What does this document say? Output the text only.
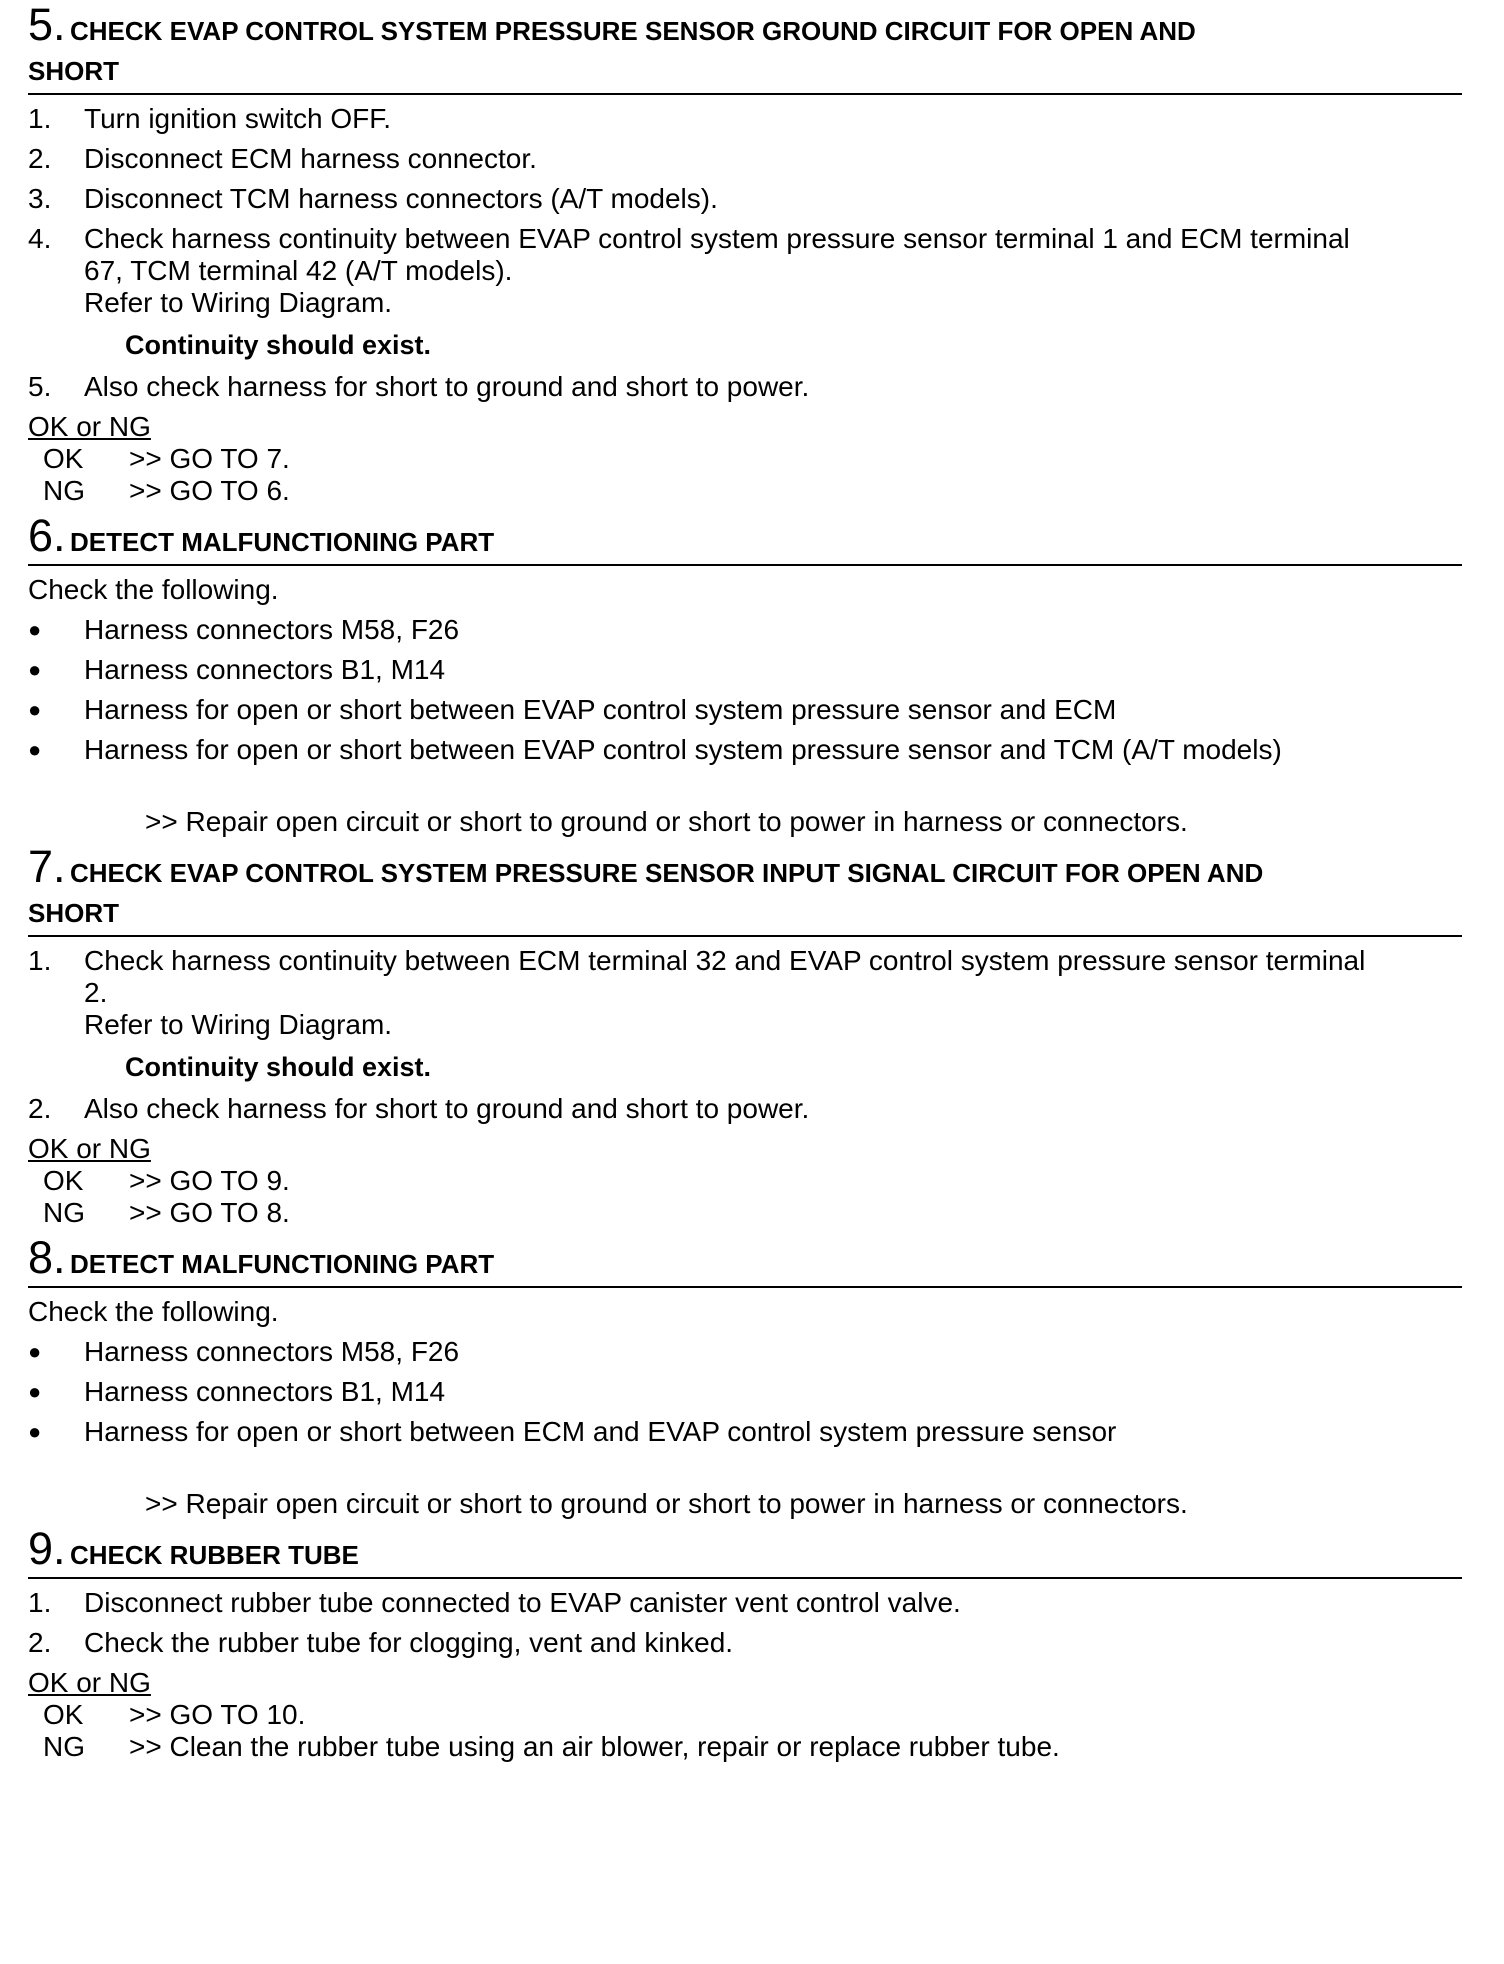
5. CHECK EVAP CONTROL SYSTEM PRESSURE SENSOR GROUND CIRCUIT FOR OPEN AND
SHORT
1.	Turn ignition switch OFF.
2.	Disconnect ECM harness connector.
3.	Disconnect TCM harness connectors (A/T models).
4.	Check harness continuity between EVAP control system pressure sensor terminal 1 and ECM terminal
67, TCM terminal 42 (A/T models).
Refer to Wiring Diagram.
Continuity should exist.
5.	Also check harness for short to ground and short to power.
OK or NG
OK	>> GO TO 7.
NG	>> GO TO 6.
6. DETECT MALFUNCTIONING PART
Check the following.
●	Harness connectors M58, F26
●	Harness connectors B1, M14
●	Harness for open or short between EVAP control system pressure sensor and ECM
●	Harness for open or short between EVAP control system pressure sensor and TCM (A/T models)
>> Repair open circuit or short to ground or short to power in harness or connectors.
7. CHECK EVAP CONTROL SYSTEM PRESSURE SENSOR INPUT SIGNAL CIRCUIT FOR OPEN AND
SHORT
1.	Check harness continuity between ECM terminal 32 and EVAP control system pressure sensor terminal
2.
Refer to Wiring Diagram.
Continuity should exist.
2.	Also check harness for short to ground and short to power.
OK or NG
OK	>> GO TO 9.
NG	>> GO TO 8.
8. DETECT MALFUNCTIONING PART
Check the following.
●	Harness connectors M58, F26
●	Harness connectors B1, M14
●	Harness for open or short between ECM and EVAP control system pressure sensor
>> Repair open circuit or short to ground or short to power in harness or connectors.
9. CHECK RUBBER TUBE
1.	Disconnect rubber tube connected to EVAP canister vent control valve.
2.	Check the rubber tube for clogging, vent and kinked.
OK or NG
OK	>> GO TO 10.
NG	>> Clean the rubber tube using an air blower, repair or replace rubber tube.
